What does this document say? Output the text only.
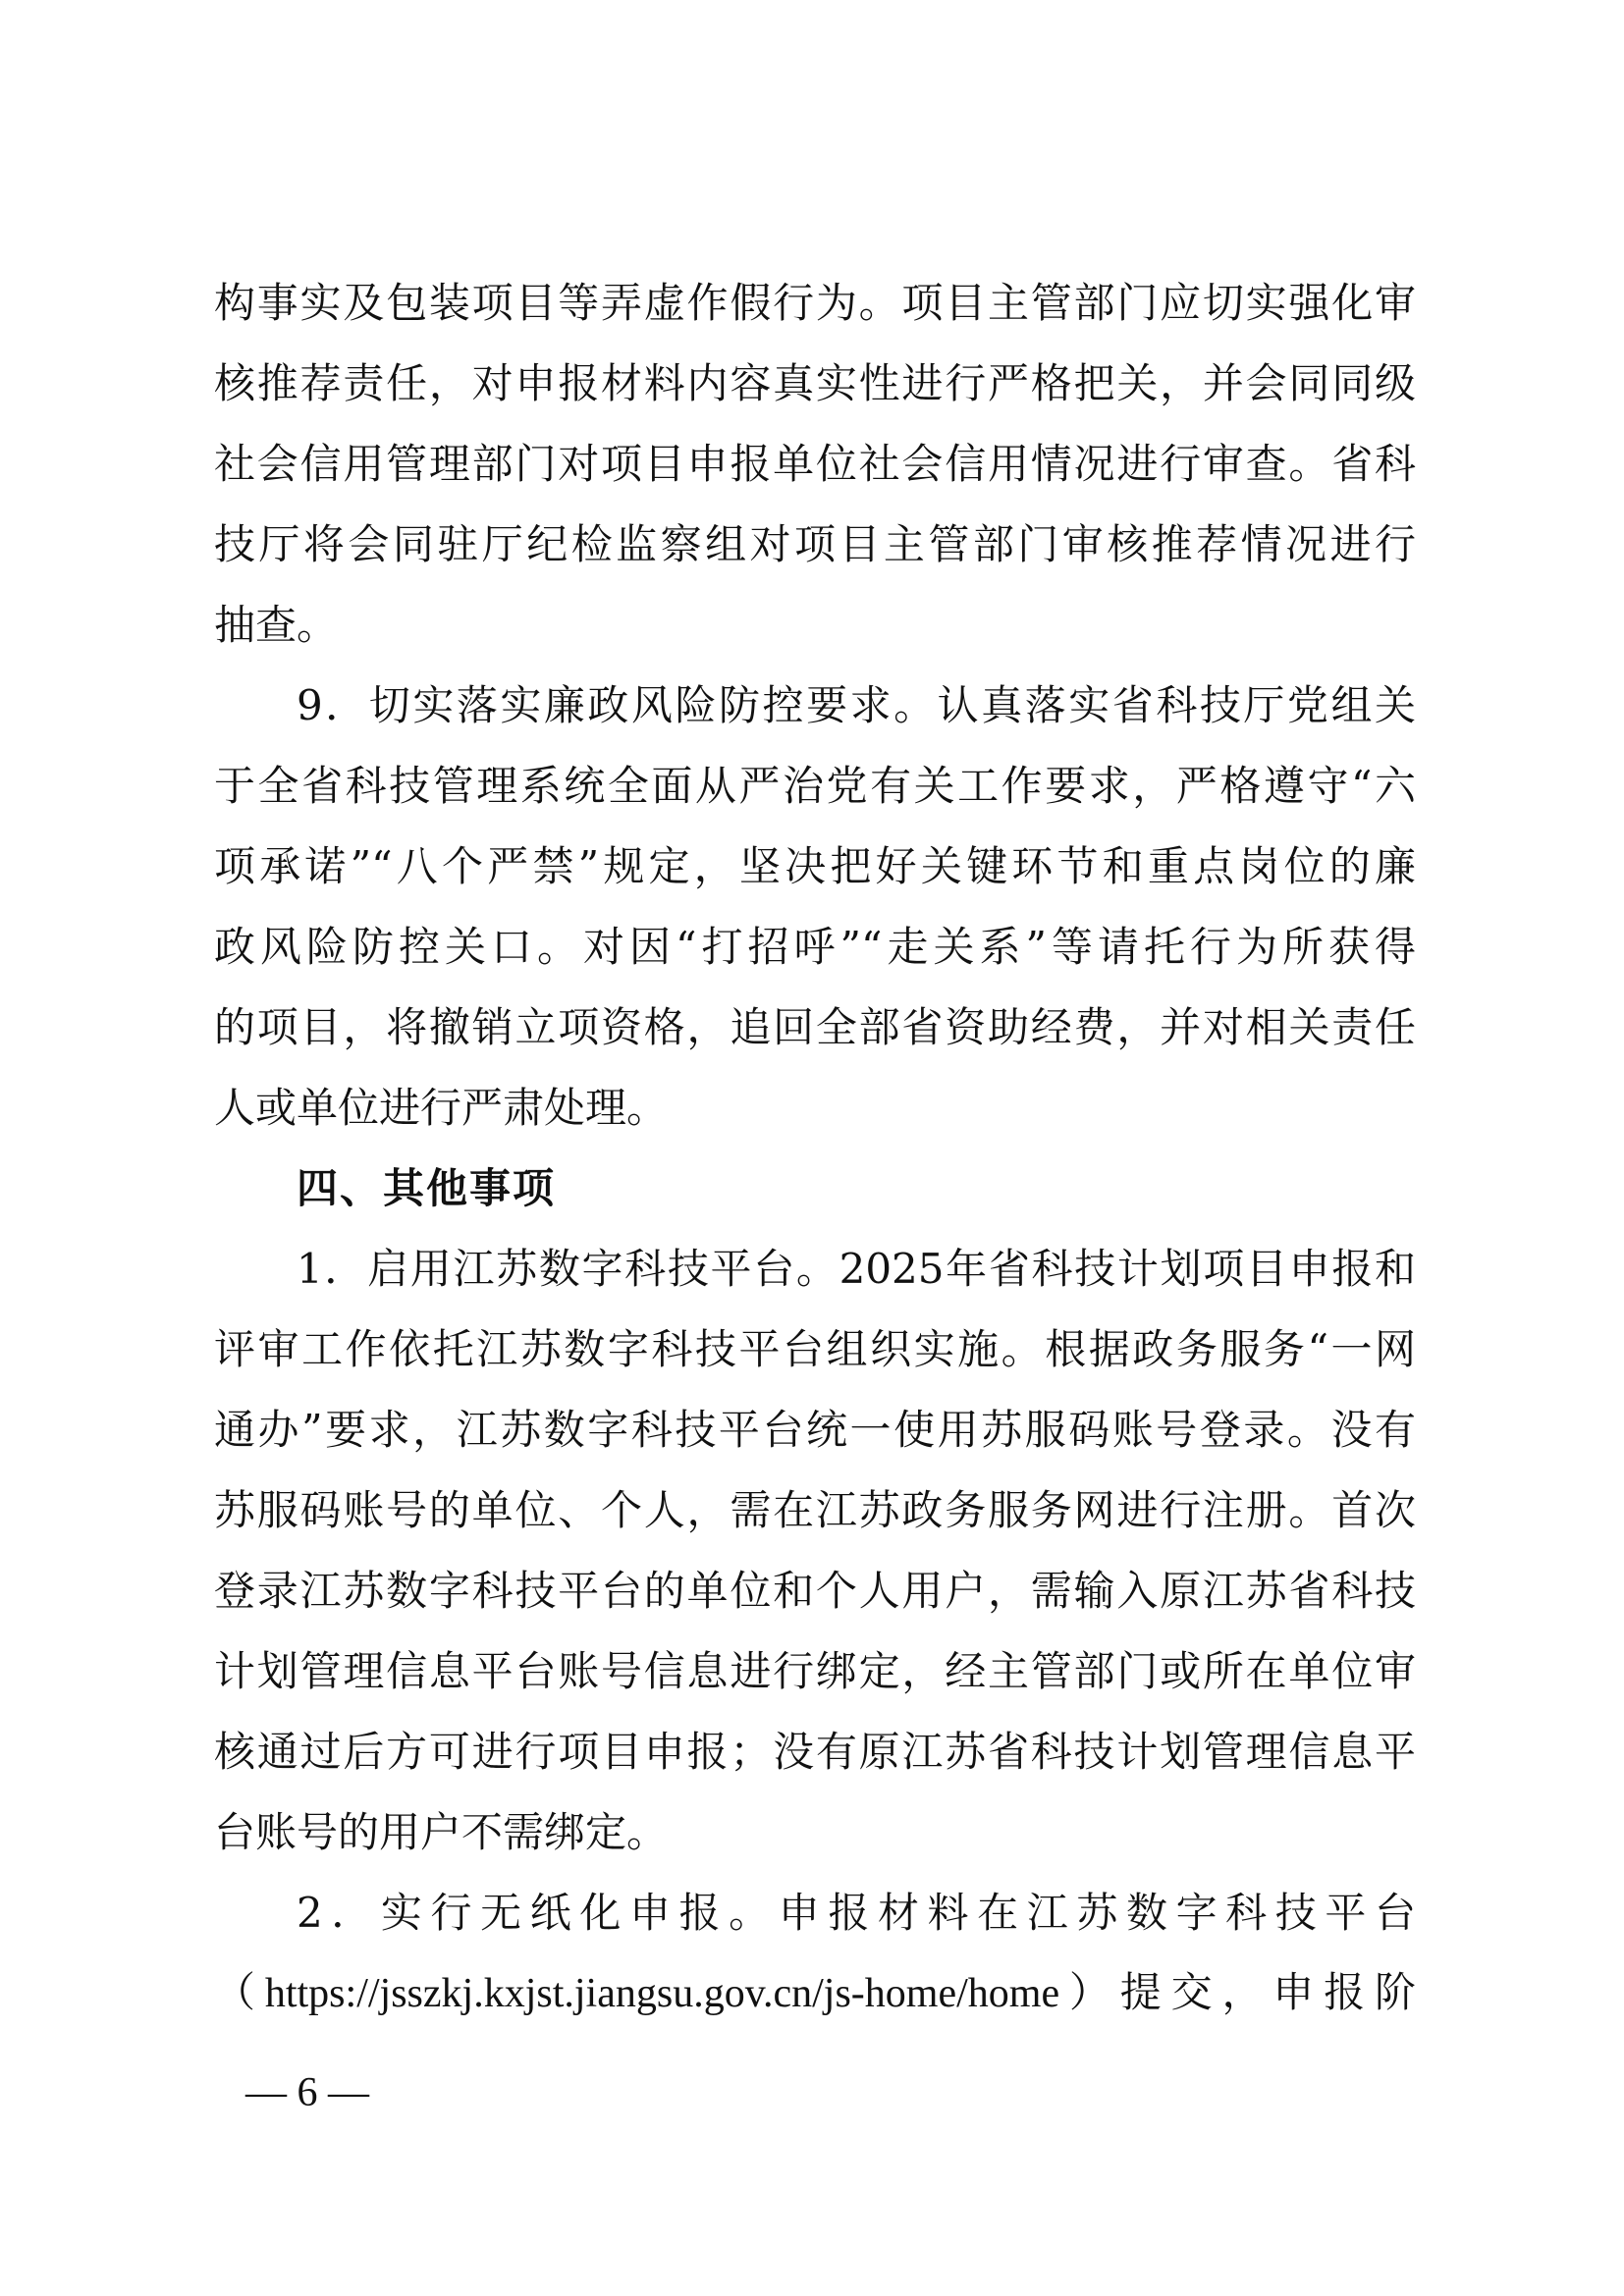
构事实及包装项目等弄虚作假行为。项目主管部门应切实强化审
核推荐责任，对申报材料内容真实性进行严格把关，并会同同级
社会信用管理部门对项目申报单位社会信用情况进行审查。省科
技厅将会同驻厅纪检监察组对项目主管部门审核推荐情况进行
抽查。
9．切实落实廉政风险防控要求。认真落实省科技厅党组关
于全省科技管理系统全面从严治党有关工作要求，严格遵守“六
项承诺”“八个严禁”规定，坚决把好关键环节和重点岗位的廉
政风险防控关口。对因“打招呼”“走关系”等请托行为所获得
的项目，将撤销立项资格，追回全部省资助经费，并对相关责任
人或单位进行严肃处理。
四、其他事项
1．启用江苏数字科技平台。2025年省科技计划项目申报和
评审工作依托江苏数字科技平台组织实施。根据政务服务“一网
通办”要求，江苏数字科技平台统一使用苏服码账号登录。没有
苏服码账号的单位、个人，需在江苏政务服务网进行注册。首次
登录江苏数字科技平台的单位和个人用户，需输入原江苏省科技
计划管理信息平台账号信息进行绑定，经主管部门或所在单位审
核通过后方可进行项目申报；没有原江苏省科技计划管理信息平
台账号的用户不需绑定。
2．实行无纸化申报。申报材料在江苏数字科技平台
（https://jsszkj.kxjst.jiangsu.gov.cn/js-home/home）提交，申报阶
— 6 —
